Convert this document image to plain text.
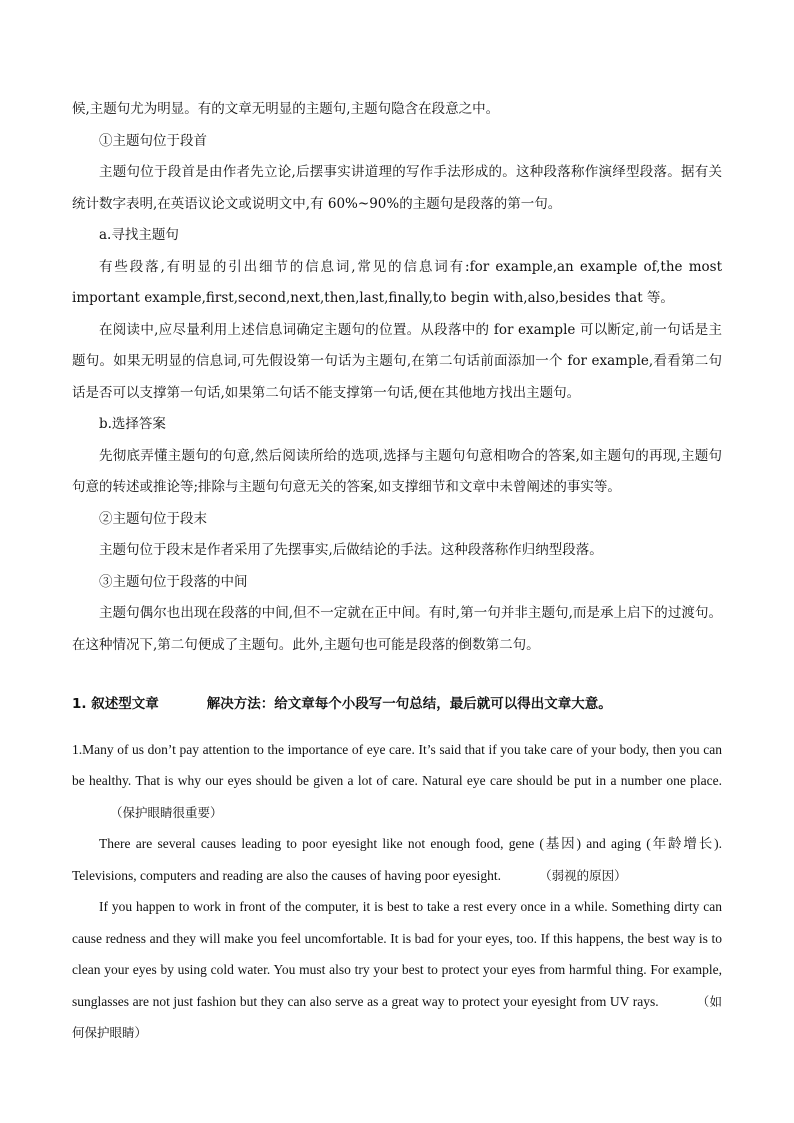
候,主题句尤为明显。有的文章无明显的主题句,主题句隐含在段意之中。

①主题句位于段首

主题句位于段首是由作者先立论,后摆事实讲道理的写作手法形成的。这种段落称作演绎型段落。据有关统计数字表明,在英语议论文或说明文中,有 60%~90%的主题句是段落的第一句。

a.寻找主题句

有些段落,有明显的引出细节的信息词,常见的信息词有:for example,an example of,the most important example,first,second,next,then,last,finally,to begin with,also,besides that 等。

在阅读中,应尽量利用上述信息词确定主题句的位置。从段落中的 for example 可以断定,前一句话是主题句。如果无明显的信息词,可先假设第一句话为主题句,在第二句话前面添加一个 for example,看看第二句话是否可以支撑第一句话,如果第二句话不能支撑第一句话,便在其他地方找出主题句。

b.选择答案

先彻底弄懂主题句的句意,然后阅读所给的选项,选择与主题句句意相吻合的答案,如主题句的再现,主题句句意的转述或推论等;排除与主题句句意无关的答案,如支撑细节和文章中未曾阐述的事实等。

②主题句位于段末

主题句位于段末是作者采用了先摆事实,后做结论的手法。这种段落称作归纳型段落。

③主题句位于段落的中间

主题句偶尔也出现在段落的中间,但不一定就在正中间。有时,第一句并非主题句,而是承上启下的过渡句。在这种情况下,第二句便成了主题句。此外,主题句也可能是段落的倒数第二句。

1. 叙述型文章	解决方法：给文章每个小段写一句总结，最后就可以得出文章大意。

1.Many of us don’t pay attention to the importance of eye care. It’s said that if you take care of your body, then you can be healthy. That is why our eyes should be given a lot of care. Natural eye care should be put in a number one place.（保护眼睛很重要）

There are several causes leading to poor eyesight like not enough food, gene (基因) and aging (年龄增长). Televisions, computers and reading are also the causes of having poor eyesight.	（弱视的原因）

If you happen to work in front of the computer, it is best to take a rest every once in a while. Something dirty can cause redness and they will make you feel uncomfortable. It is bad for your eyes, too. If this happens, the best way is to clean your eyes by using cold water. You must also try your best to protect your eyes from harmful thing. For example, sunglasses are not just fashion but they can also serve as a great way to protect your eyesight from UV rays.	（如何保护眼睛）
